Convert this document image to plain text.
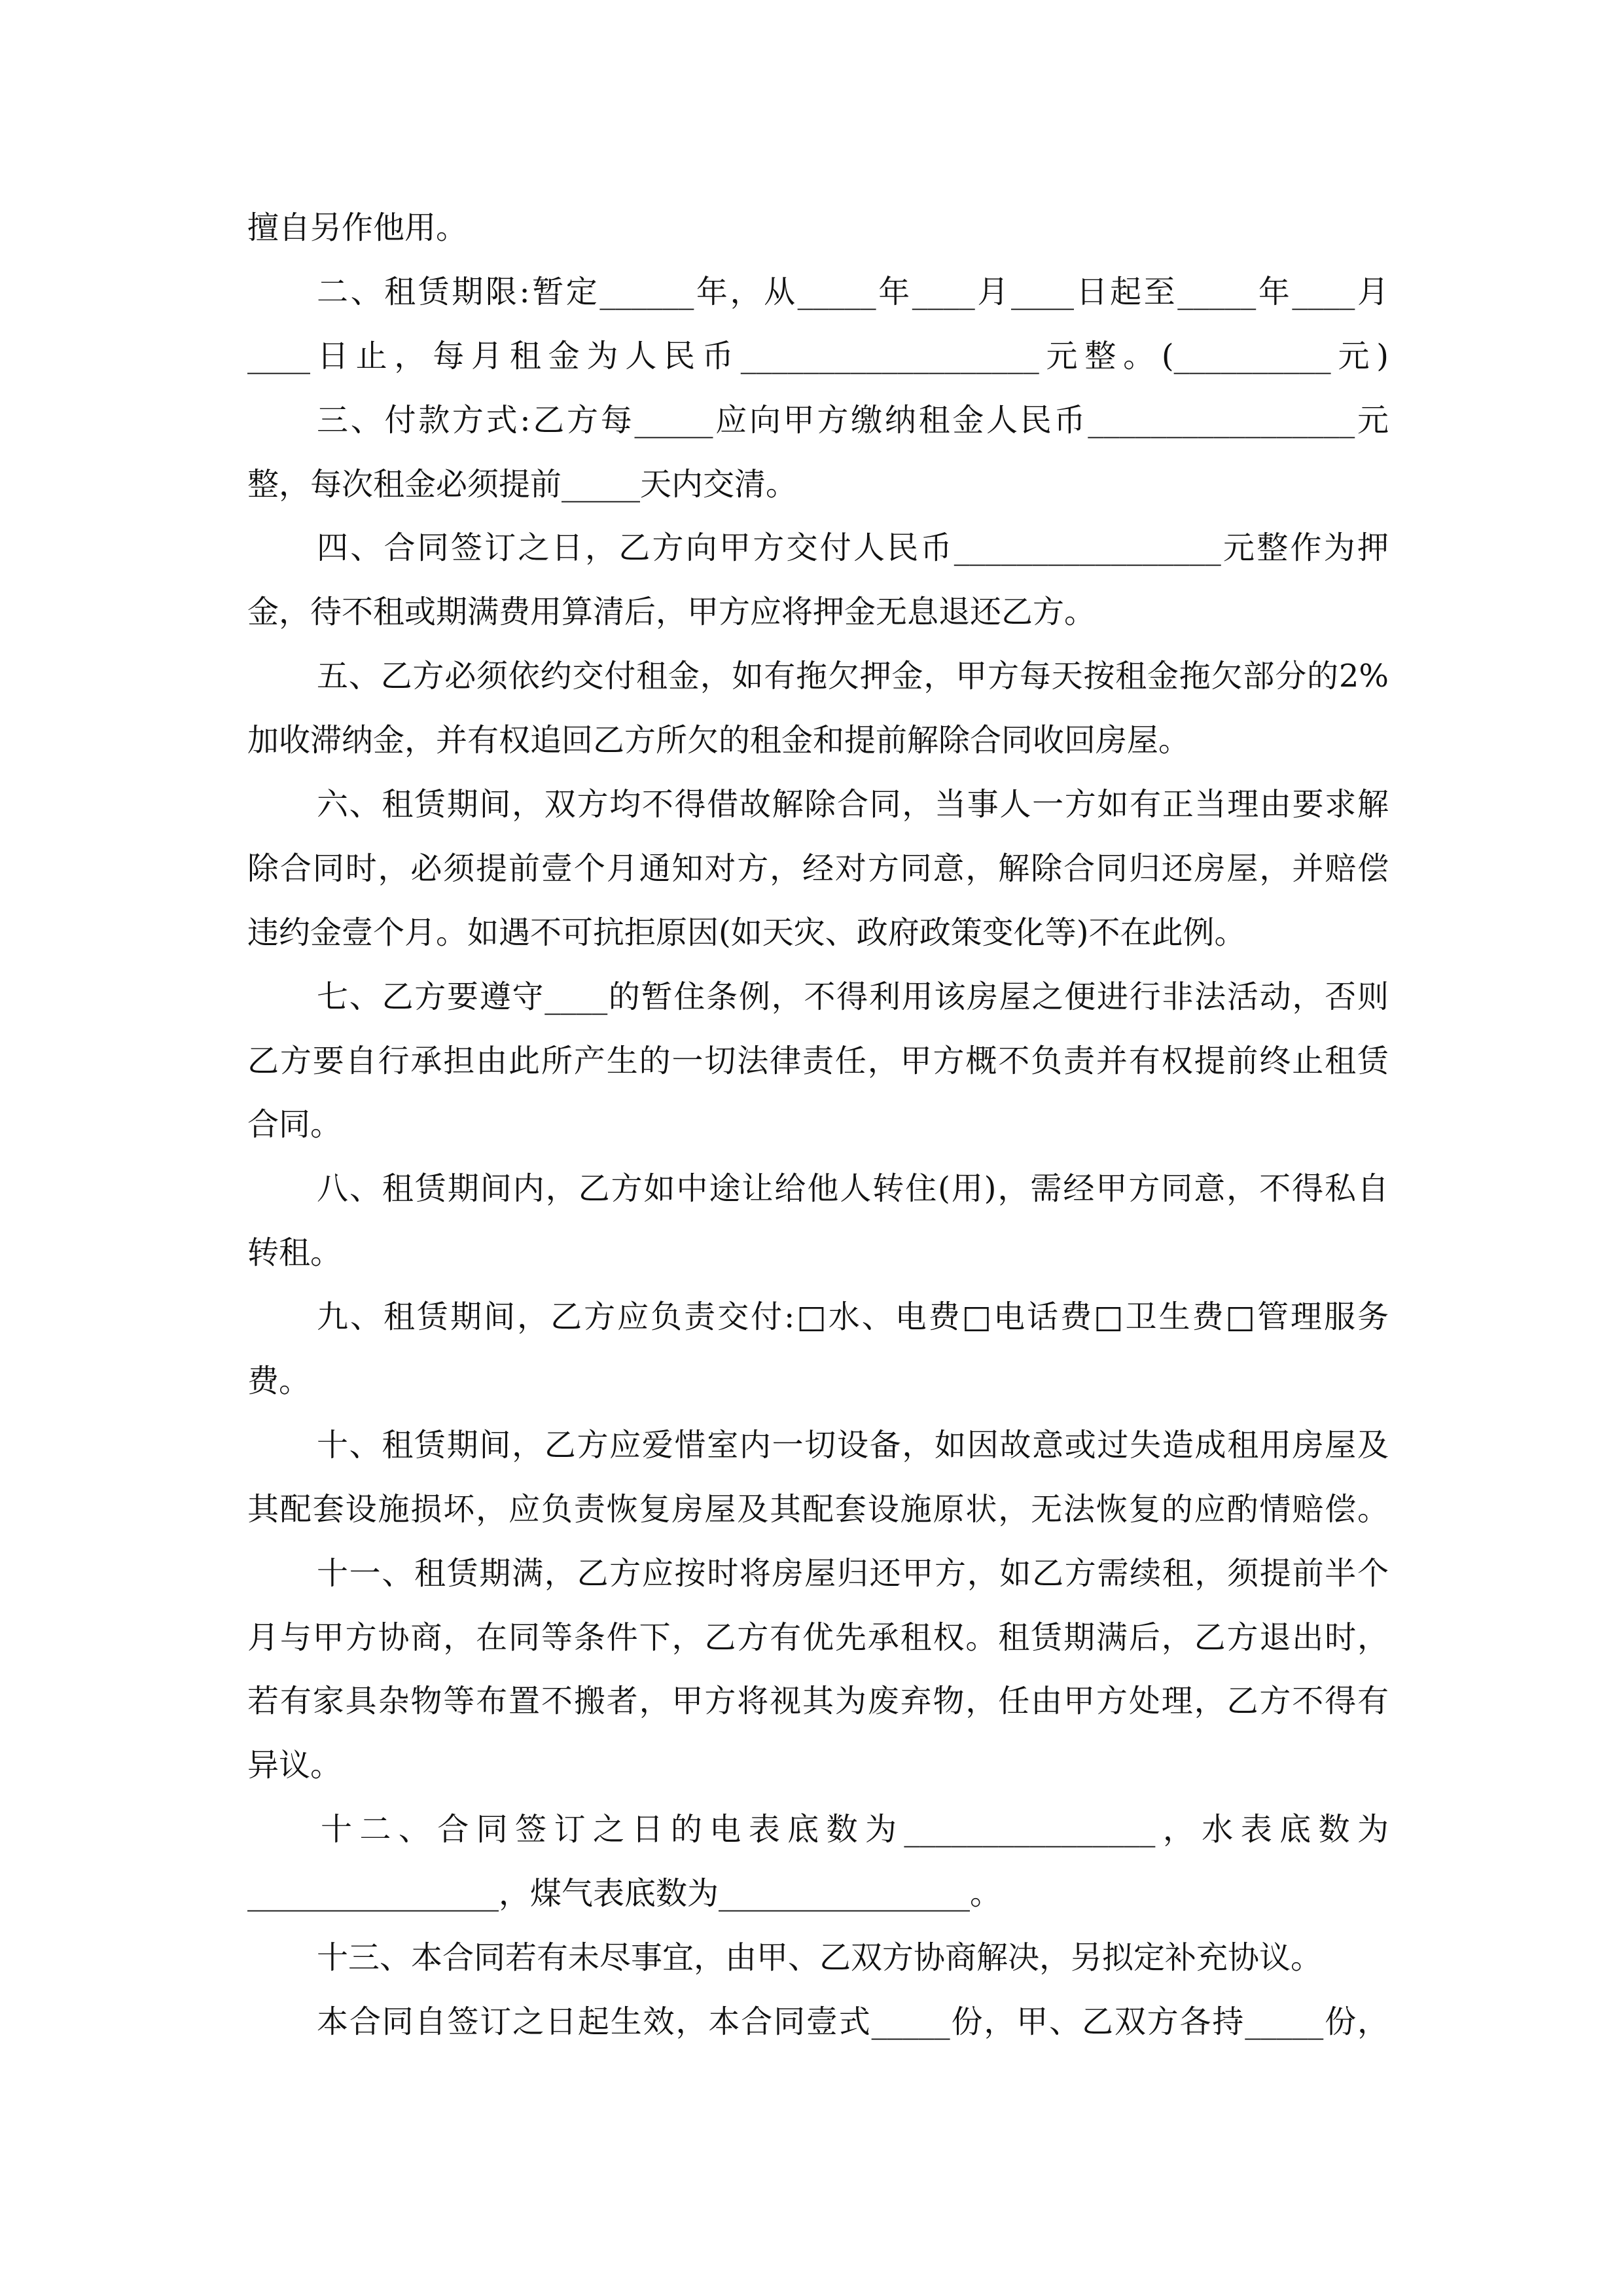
擅自另作他用。
二、租赁期限:暂定______年，从_____年____月____日起至_____年____月
____日止，每月租金为人民币___________________元整。(__________元)
三、付款方式:乙方每_____应向甲方缴纳租金人民币_________________元
整，每次租金必须提前_____天内交清。
四、合同签订之日，乙方向甲方交付人民币_________________元整作为押
金，待不租或期满费用算清后，甲方应将押金无息退还乙方。
五、乙方必须依约交付租金，如有拖欠押金，甲方每天按租金拖欠部分的2%
加收滞纳金，并有权追回乙方所欠的租金和提前解除合同收回房屋。
六、租赁期间，双方均不得借故解除合同，当事人一方如有正当理由要求解
除合同时，必须提前壹个月通知对方，经对方同意，解除合同归还房屋，并赔偿
违约金壹个月。如遇不可抗拒原因(如天灾、政府政策变化等)不在此例。
七、乙方要遵守____的暂住条例，不得利用该房屋之便进行非法活动，否则
乙方要自行承担由此所产生的一切法律责任，甲方概不负责并有权提前终止租赁
合同。
八、租赁期间内，乙方如中途让给他人转住(用)，需经甲方同意，不得私自
转租。
九、租赁期间，乙方应负责交付:□水、电费□电话费□卫生费□管理服务
费。
十、租赁期间，乙方应爱惜室内一切设备，如因故意或过失造成租用房屋及
其配套设施损坏，应负责恢复房屋及其配套设施原状，无法恢复的应酌情赔偿。
十一、租赁期满，乙方应按时将房屋归还甲方，如乙方需续租，须提前半个
月与甲方协商，在同等条件下，乙方有优先承租权。租赁期满后，乙方退出时，
若有家具杂物等布置不搬者，甲方将视其为废弃物，任由甲方处理，乙方不得有
异议。
十二、合同签订之日的电表底数为________________，水表底数为
________________，煤气表底数为________________。
十三、本合同若有未尽事宜，由甲、乙双方协商解决，另拟定补充协议。
本合同自签订之日起生效，本合同壹式_____份，甲、乙双方各持_____份，
